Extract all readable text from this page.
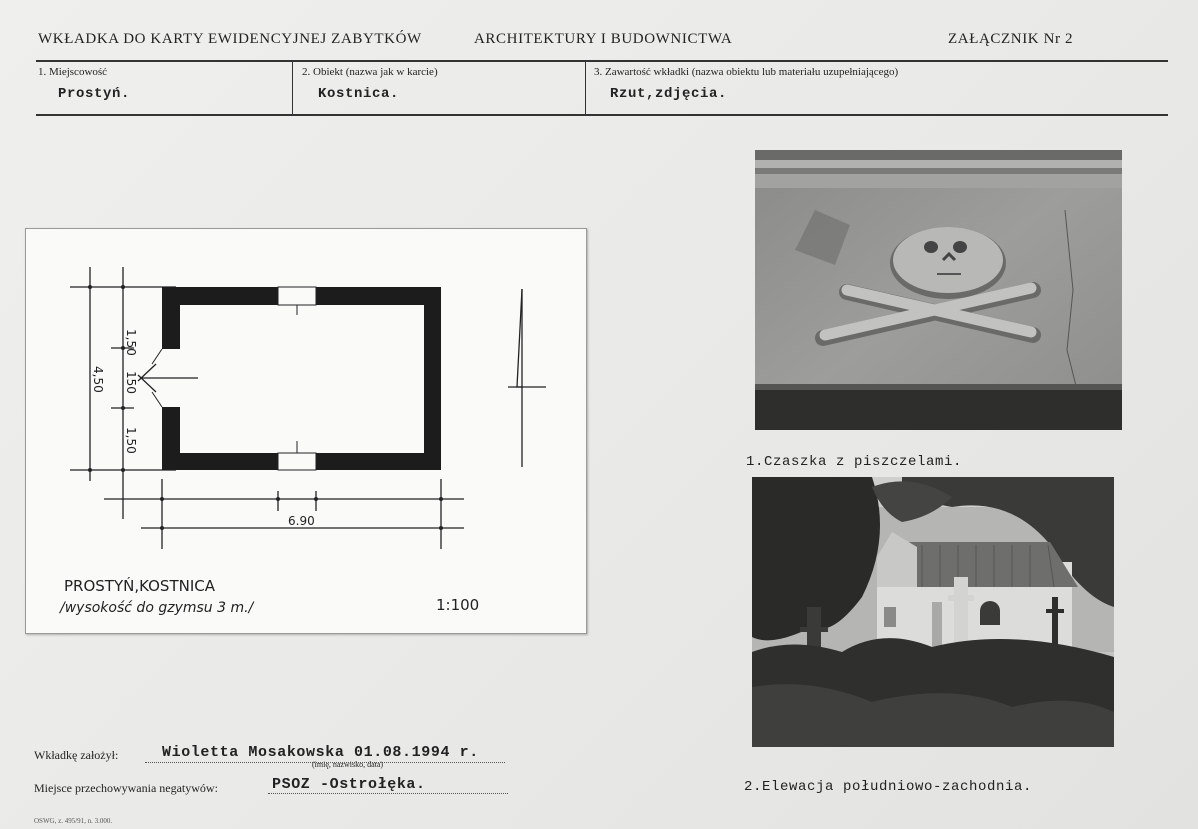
WKŁADKA DO KARTY EWIDENCYJNEJ ZABYTKÓW	ARCHITEKTURY I BUDOWNICTWA	ZAŁĄCZNIK Nr 2
1. Miejscowość
Prostyń.
2. Obiekt (nazwa jak w karcie)
Kostnica.
3. Zawartość wkładki (nazwa obiektu lub materiału uzupełniającego)
Rzut,zdjęcia.
1,50
150
1,50
4,50
6.90
PROSTYŃ,KOSTNICA
/wysokość do gzymsu 3 m./	1:100
1.Czaszka z piszczelami.
2.Elewacja południowo-zachodnia.
Wkładkę założył:	Wioletta Mosakowska 01.08.1994 r.
(imię, nazwisko, data)
Miejsce przechowywania negatywów:	PSOZ -Ostrołęka.
OSWG, z. 495/91, n. 3.000.
